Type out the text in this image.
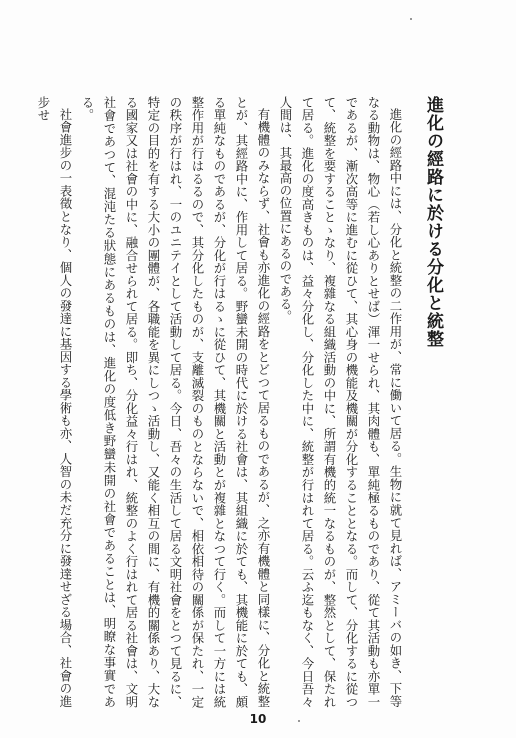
進化の經路に於ける分化と統整

進化の經路中には、分化と統整の二作用が、常に働いて居る。生物に就て見れば、アミーバの如き、下等なる動物は、物心（若し心ありとせば）渾一せられ、其肉體も、單純極るものであり、從て其活動も亦單一であるが、漸次高等に進むに從ひて、其心身の機能及機關が分化することとなる。而して、分化するに從つて、統整を要することゝなり、複雜なる組織活動の中に、所謂有機的統一なるものが、整然として、保たれて居る。進化の度高きものは、益々分化し、分化した中に、統整が行はれて居る。云ふ迄もなく、今日吾々人間は、其最高の位置にあるのである。

有機體のみならず、社會も亦進化の經路をとどつて居るものであるが、之亦有機體と同樣に、分化と統整とが、其經路中に、作用して居る。野蠻未開の時代に於ける社會は、其組織に於ても、其機能に於ても、頗る單純なものであるが、分化が行はるゝに從ひて、其機關と活動とが複雜となつて行く。而して一方には統整作用が行はるるので、其分化したものが、支離滅裂のものとならないで、相依相待の關係が保たれ、一定の秩序が行はれ、一のユニテイとして活動して居る。今日、吾々の生活して居る文明社會をとつて見るに、特定の目的を有する大小の團體が、各職能を異にしつゝ活動し、又能く相互の間に、有機的關係あり、大なる國家又は社會の中に、融合せられて居る。即ち、分化益々行はれ、統整のよく行はれて居る社會は、文明社會であつて、混沌たる狀態にあるものは、進化の度低き野蠻未開の社會であることは、明瞭な事實である。

社會進步の一表徵となり、個人の發達に基因する學術も亦、人智の未だ充分に發達せざる場合、社會の進步せ

10
